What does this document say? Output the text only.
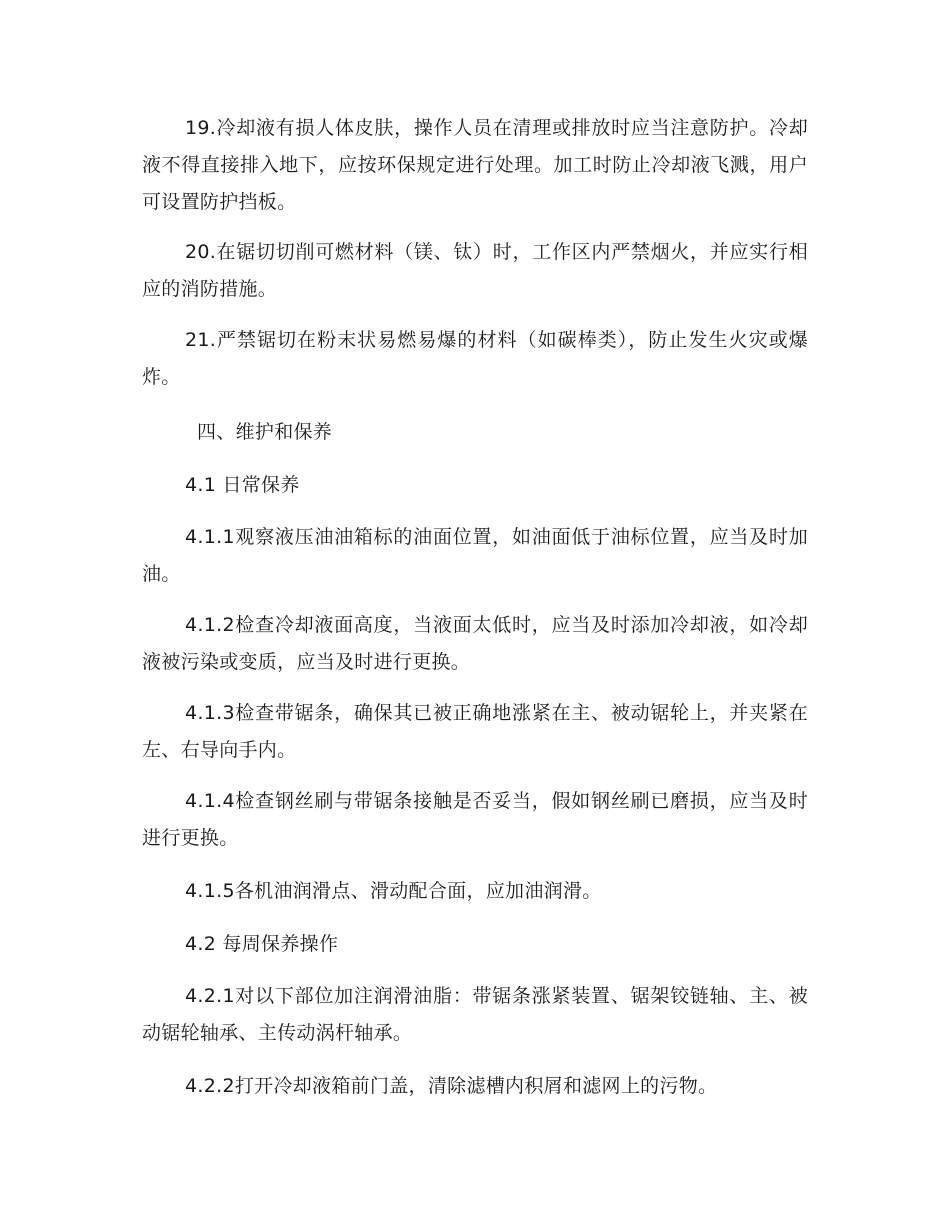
19.冷却液有损人体皮肤，操作人员在清理或排放时应当注意防护。冷却液不得直接排入地下，应按环保规定进行处理。加工时防止冷却液飞溅，用户可设置防护挡板。

20.在锯切切削可燃材料（镁、钛）时，工作区内严禁烟火，并应实行相应的消防措施。

21.严禁锯切在粉末状易燃易爆的材料（如碳棒类），防止发生火灾或爆炸。

四、维护和保养

4.1 日常保养

4.1.1观察液压油油箱标的油面位置，如油面低于油标位置，应当及时加油。

4.1.2检查冷却液面高度，当液面太低时，应当及时添加冷却液，如冷却液被污染或变质，应当及时进行更换。

4.1.3检查带锯条，确保其已被正确地涨紧在主、被动锯轮上，并夹紧在左、右导向手内。

4.1.4检查钢丝刷与带锯条接触是否妥当，假如钢丝刷已磨损，应当及时进行更换。

4.1.5各机油润滑点、滑动配合面，应加油润滑。

4.2 每周保养操作

4.2.1对以下部位加注润滑油脂：带锯条涨紧装置、锯架铰链轴、主、被动锯轮轴承、主传动涡杆轴承。

4.2.2打开冷却液箱前门盖，清除滤槽内积屑和滤网上的污物。
